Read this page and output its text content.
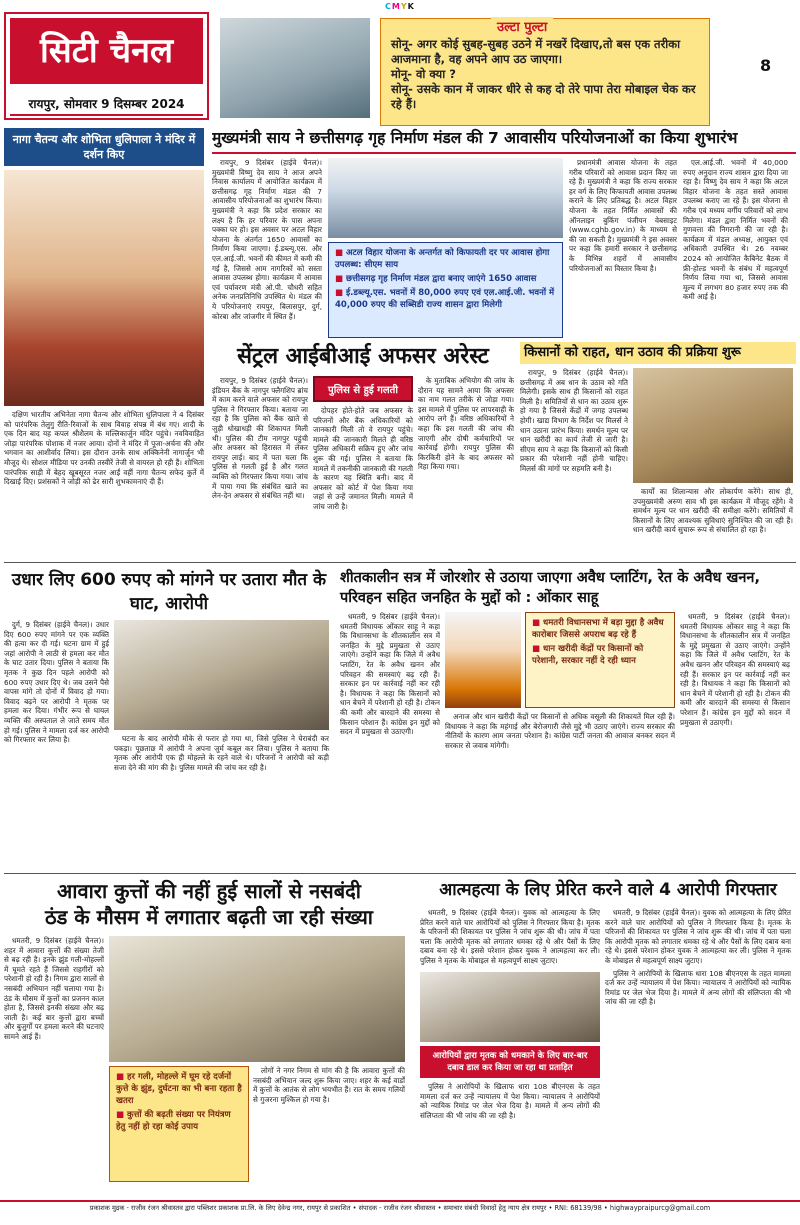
CMYK
सिटी चैनल
रायपुर, सोमवार 9 दिसम्बर 2024
उल्टा पुल्टा

सोनू- अगर कोई सुबह-सुबह उठने में नखरें दिखाए,तो बस एक तरीका आजमाना है, वह अपने आप उठ जाएगा।

मोनू- वो क्या ?

सोनू- उसके कान में जाकर धीरे से कह दो तेरे पापा तेरा मोबाइल चेक कर रहे हैं।

8
नागा चैतन्य और शोभिता धुलिपाला ने मंदिर में दर्शन किए

दक्षिण भारतीय अभिनेता नागा चैतन्य और शोभिता धुलिपाला ने 4 दिसंबर को पारंपरिक तेलुगु रीति-रिवाजों के साथ विवाह संपन्न में बंध गए। शादी के एक दिन बाद यह कपल श्रीशैलम के मल्लिकार्जुन मंदिर पहुंचे। नवविवाहित जोड़ा पारंपरिक पोशाक में नजर आया। दोनों ने मंदिर में पूजा-अर्चना की और भगवान का आशीर्वाद लिया। इस दौरान उनके साथ अक्किनेनी नागार्जुन भी मौजूद थे। सोशल मीडिया पर उनकी तस्वीरें तेजी से वायरल हो रही हैं। शोभिता पारंपरिक साड़ी में बेहद खूबसूरत नजर आईं वहीं नागा चैतन्य सफेद कुर्ते में दिखाई दिए। प्रशंसकों ने जोड़ी को ढेर सारी शुभकामनाएं दी हैं।

मुख्यमंत्री साय ने छत्तीसगढ़ गृह निर्माण मंडल की 7 आवासीय परियोजनाओं का किया शुभारंभ

रायपुर, 9 दिसंबर (हाईवे चैनल)। मुख्यमंत्री विष्णु देव साय ने आज अपने निवास कार्यालय में आयोजित कार्यक्रम में छत्तीसगढ़ गृह निर्माण मंडल की 7 आवासीय परियोजनाओं का शुभारंभ किया। मुख्यमंत्री ने कहा कि प्रदेश सरकार का लक्ष्य है कि हर परिवार के पास अपना पक्का घर हो। इस अवसर पर अटल विहार योजना के अंतर्गत 1650 आवासों का निर्माण किया जाएगा। ई.डब्ल्यू.एस. और एल.आई.जी. भवनों की कीमत में कमी की गई है, जिससे आम नागरिकों को सस्ता आवास उपलब्ध होगा। कार्यक्रम में आवास एवं पर्यावरण मंत्री ओ.पी. चौधरी सहित अनेक जनप्रतिनिधि उपस्थित थे। मंडल की ये परियोजनाएं रायपुर, बिलासपुर, दुर्ग, कोरबा और जांजगीर में स्थित हैं।

■ अटल विहार योजना के अन्तर्गत को किफायती दर पर आवास होगा उपलब्ध: सीएम साय
■ छत्तीसगढ़ गृह निर्माण मंडल द्वारा बनाए जाएंगे 1650 आवास
■ ई.डब्ल्यू.एस. भवनों में 80,000 रुपए एवं एल.आई.जी. भवनों में 40,000 रुपए की सब्सिडी राज्य शासन द्वारा मिलेगी

प्रधानमंत्री आवास योजना के तहत गरीब परिवारों को आवास प्रदान किए जा रहे हैं। मुख्यमंत्री ने कहा कि राज्य सरकार हर वर्ग के लिए किफायती आवास उपलब्ध कराने के लिए प्रतिबद्ध है। अटल विहार योजना के तहत निर्मित आवासों की ऑनलाइन बुकिंग पंजीयन वेबसाइट (www.cghb.gov.in) के माध्यम से की जा सकती है। मुख्यमंत्री ने इस अवसर पर कहा कि हमारी सरकार ने छत्तीसगढ़ के विभिन्न शहरों में आवासीय परियोजनाओं का विस्तार किया है।

एल.आई.जी. भवनों में 40,000 रुपए अनुदान राज्य शासन द्वारा दिया जा रहा है। विष्णु देव साय ने कहा कि अटल विहार योजना के तहत सस्ते आवास उपलब्ध कराए जा रहे हैं। इस योजना से गरीब एवं मध्यम वर्गीय परिवारों को लाभ मिलेगा। मंडल द्वारा निर्मित भवनों की गुणवत्ता की निगरानी की जा रही है। कार्यक्रम में मंडल अध्यक्ष, आयुक्त एवं अधिकारी उपस्थित थे। 26 नवम्बर 2024 को आयोजित कैबिनेट बैठक में फ्री-होल्ड भवनों के संबंध में महत्वपूर्ण निर्णय लिया गया था, जिससे आवास मूल्य में लगभग 80 हजार रुपए तक की कमी आई है।

सेंट्रल आईबीआई अफसर अरेस्ट

रायपुर, 9 दिसंबर (हाईवे चैनल)। इंडियन बैंक के नागपुर फ्लैगशिप ब्रांच में काम करने वाले अफसर को रायपुर पुलिस ने गिरफ्तार किया। बताया जा रहा है कि पुलिस को बैंक खाते से जुड़ी धोखाधड़ी की शिकायत मिली थी। पुलिस की टीम नागपुर पहुंची और अफसर को हिरासत में लेकर रायपुर लाई। बाद में पता चला कि पुलिस से गलती हुई है और गलत व्यक्ति को गिरफ्तार किया गया। जांच में पाया गया कि संबंधित खाते का लेन-देन अफसर से संबंधित नहीं था।

पुलिस से हुई गलती

दोपहर होते-होते जब अफसर के परिजनों और बैंक अधिकारियों को जानकारी मिली तो वे रायपुर पहुंचे। मामले की जानकारी मिलते ही वरिष्ठ पुलिस अधिकारी सक्रिय हुए और जांच शुरू की गई। पुलिस ने बताया कि मामले में तकनीकी जानकारी की गलती के कारण यह स्थिति बनी। बाद में अफसर को कोर्ट में पेश किया गया जहां से उन्हें जमानत मिली। मामले में जांच जारी है।

के मुताबिक अभियोग की जांच के दौरान यह सामने आया कि अफसर का नाम गलत तरीके से जोड़ा गया। इस मामले में पुलिस पर लापरवाही के आरोप लगे हैं। वरिष्ठ अधिकारियों ने कहा कि इस गलती की जांच की जाएगी और दोषी कर्मचारियों पर कार्रवाई होगी। रायपुर पुलिस की किरकिरी होने के बाद अफसर को रिहा किया गया।

किसानों को राहत, धान उठाव की प्रक्रिया शुरू

रायपुर, 9 दिसंबर (हाईवे चैनल)। छत्तीसगढ़ में अब धान के उठाव को गति मिलेगी। इसके साथ ही किसानों को राहत मिली है। समितियों से धान का उठाव शुरू हो गया है जिससे केंद्रों में जगह उपलब्ध होगी। खाद्य विभाग के निर्देश पर मिलर्स ने धान उठाना प्रारंभ किया। समर्थन मूल्य पर धान खरीदी का कार्य तेजी से जारी है। सीएम साय ने कहा कि किसानों को किसी प्रकार की परेशानी नहीं होनी चाहिए। मिलर्स की मांगों पर सहमति बनी है।

कार्यों का शिलान्यास और लोकार्पण करेंगे। साथ ही, उपमुख्यमंत्री अरुण साव भी इस कार्यक्रम में मौजूद रहेंगे। वे समर्थन मूल्य पर धान खरीदी की समीक्षा करेंगे। समितियों में किसानों के लिए आवश्यक सुविधाएं सुनिश्चित की जा रही हैं। धान खरीदी कार्य सुचारू रूप से संचालित हो रहा है।

उधार लिए 600 रुपए को मांगने पर उतारा मौत के घाट, आरोपी

दुर्ग, 9 दिसंबर (हाईवे चैनल)। उधार दिए 600 रुपए मांगने पर एक व्यक्ति की हत्या कर दी गई। घटना ग्राम में हुई जहां आरोपी ने लाठी से हमला कर मौत के घाट उतार दिया। पुलिस ने बताया कि मृतक ने कुछ दिन पहले आरोपी को 600 रुपए उधार दिए थे। जब उसने पैसे वापस मांगे तो दोनों में विवाद हो गया। विवाद बढ़ने पर आरोपी ने मृतक पर हमला कर दिया। गंभीर रूप से घायल व्यक्ति की अस्पताल ले जाते समय मौत हो गई। पुलिस ने मामला दर्ज कर आरोपी को गिरफ्तार कर लिया है।	घटना के बाद आरोपी मौके से फरार हो गया था, जिसे पुलिस ने घेराबंदी कर पकड़ा। पूछताछ में आरोपी ने अपना जुर्म कबूल कर लिया। पुलिस ने बताया कि मृतक और आरोपी एक ही मोहल्ले के रहने वाले थे। परिजनों ने आरोपी को कड़ी सजा देने की मांग की है। पुलिस मामले की जांच कर रही है।

शीतकालीन सत्र में जोरशोर से उठाया जाएगा अवैध प्लाटिंग, रेत के अवैध खनन, परिवहन सहित जनहित के मुद्दों को : ओंकार साहू

धमतरी, 9 दिसंबर (हाईवे चैनल)। धमतरी विधायक ओंकार साहू ने कहा कि विधानसभा के शीतकालीन सत्र में जनहित के मुद्दे प्रमुखता से उठाए जाएंगे। उन्होंने कहा कि जिले में अवैध प्लाटिंग, रेत के अवैध खनन और परिवहन की समस्याएं बढ़ रही हैं। सरकार इन पर कार्रवाई नहीं कर रही है। विधायक ने कहा कि किसानों को धान बेचने में परेशानी हो रही है। टोकन की कमी और बारदाने की समस्या से किसान परेशान हैं। कांग्रेस इन मुद्दों को सदन में प्रमुखता से उठाएगी।

■ धमतरी विधानसभा में बड़ा मुद्दा है अवैध कारोबार जिससे अपराध बढ़ रहे हैं
■ धान खरीदी केंद्रों पर किसानों को परेशानी, सरकार नहीं दे रही ध्यान

अनाज और धान खरीदी केंद्रों पर किसानों से अधिक वसूली की शिकायतें मिल रही हैं। विधायक ने कहा कि महंगाई और बेरोजगारी जैसे मुद्दे भी उठाए जाएंगे। राज्य सरकार की नीतियों के कारण आम जनता परेशान है। कांग्रेस पार्टी जनता की आवाज बनकर सदन में सरकार से जवाब मांगेगी।

धमतरी, 9 दिसंबर (हाईवे चैनल)। धमतरी विधायक ओंकार साहू ने कहा कि विधानसभा के शीतकालीन सत्र में जनहित के मुद्दे प्रमुखता से उठाए जाएंगे। उन्होंने कहा कि जिले में अवैध प्लाटिंग, रेत के अवैध खनन और परिवहन की समस्याएं बढ़ रही हैं। सरकार इन पर कार्रवाई नहीं कर रही है। विधायक ने कहा कि किसानों को धान बेचने में परेशानी हो रही है। टोकन की कमी और बारदाने की समस्या से किसान परेशान हैं। कांग्रेस इन मुद्दों को सदन में प्रमुखता से उठाएगी।

आवारा कुत्तों की नहीं हुई सालों से नसबंदी
ठंड के मौसम में लगातार बढ़ती जा रही संख्या

धमतरी, 9 दिसंबर (हाईवे चैनल)। शहर में आवारा कुत्तों की संख्या तेजी से बढ़ रही है। इनके झुंड गली-मोहल्लों में घूमते रहते हैं जिससे राहगीरों को परेशानी हो रही है। निगम द्वारा सालों से नसबंदी अभियान नहीं चलाया गया है। ठंड के मौसम में कुत्तों का प्रजनन काल होता है, जिससे इनकी संख्या और बढ़ जाती है। कई बार कुत्तों द्वारा बच्चों और बुजुर्गों पर हमला करने की घटनाएं सामने आई हैं।

■ हर गली, मोहल्ले में घूम रहे दर्जनों कुत्ते के झुंड, दुर्घटना का भी बना रहता है खतरा
■ कुत्तों की बढ़ती संख्या पर नियंत्रण हेतु नहीं हो रहा कोई उपाय

लोगों ने नगर निगम से मांग की है कि आवारा कुत्तों की नसबंदी अभियान जल्द शुरू किया जाए। शहर के कई वार्डों में कुत्तों के आतंक से लोग भयभीत हैं। रात के समय गलियों से गुजरना मुश्किल हो गया है।

आत्महत्या के लिए प्रेरित करने वाले 4 आरोपी गिरफ्तार

धमतरी, 9 दिसंबर (हाईवे चैनल)। युवक को आत्महत्या के लिए प्रेरित करने वाले चार आरोपियों को पुलिस ने गिरफ्तार किया है। मृतक के परिजनों की शिकायत पर पुलिस ने जांच शुरू की थी। जांच में पता चला कि आरोपी मृतक को लगातार धमका रहे थे और पैसों के लिए दबाव बना रहे थे। इससे परेशान होकर युवक ने आत्महत्या कर ली। पुलिस ने मृतक के मोबाइल से महत्वपूर्ण साक्ष्य जुटाए।

आरोपियों द्वारा मृतक को धमकाने के लिए बार-बार दबाव डाल कर किया जा रहा था प्रताड़ित

पुलिस ने आरोपियों के खिलाफ धारा 108 बीएनएस के तहत मामला दर्ज कर उन्हें न्यायालय में पेश किया। न्यायालय ने आरोपियों को न्यायिक रिमांड पर जेल भेज दिया है। मामले में अन्य लोगों की संलिप्तता की भी जांच की जा रही है।

धमतरी, 9 दिसंबर (हाईवे चैनल)। युवक को आत्महत्या के लिए प्रेरित करने वाले चार आरोपियों को पुलिस ने गिरफ्तार किया है। मृतक के परिजनों की शिकायत पर पुलिस ने जांच शुरू की थी। जांच में पता चला कि आरोपी मृतक को लगातार धमका रहे थे और पैसों के लिए दबाव बना रहे थे। इससे परेशान होकर युवक ने आत्महत्या कर ली। पुलिस ने मृतक के मोबाइल से महत्वपूर्ण साक्ष्य जुटाए।

पुलिस ने आरोपियों के खिलाफ धारा 108 बीएनएस के तहत मामला दर्ज कर उन्हें न्यायालय में पेश किया। न्यायालय ने आरोपियों को न्यायिक रिमांड पर जेल भेज दिया है। मामले में अन्य लोगों की संलिप्तता की भी जांच की जा रही है।

प्रकाशक मुद्रक - राजीव रंजन श्रीवास्तव द्वारा पब्लिशर प्रकाशक प्रा.लि. के लिए देवेन्द्र नगर, रायपुर से प्रकाशित • संपादक - राजीव रंजन श्रीवास्तव • समाचार संबंधी विवादों हेतु न्याय क्षेत्र रायपुर • RNI: 68139/98 • highwaypraipurcg@gmail.com
